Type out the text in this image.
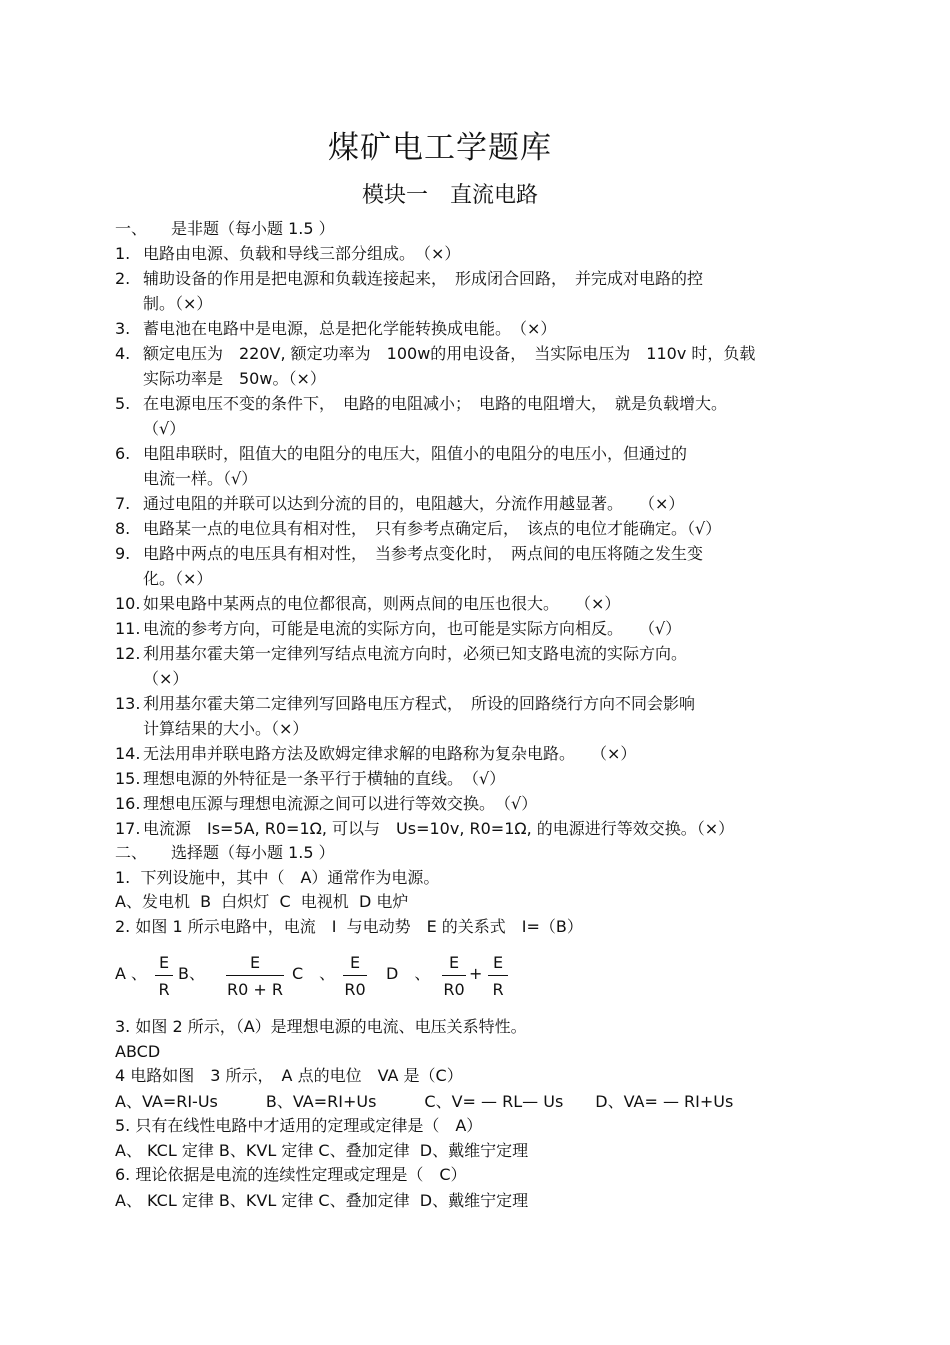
煤矿电工学题库
模块一　直流电路
一、　　是非题（每小题 1.5 ）
1. 电路由电源、负载和导线三部分组成。　（×）
2. 辅助设备的作用是把电源和负载连接起来，　形成闭合回路，　并完成对电路的控
制。（×）
3. 蓄电池在电路中是电源，总是把化学能转换成电能。　（×）
4. 额定电压为　220V, 额定功率为　100w的用电设备，　当实际电压为　110v 时，负载
实际功率是　50w。（×）
5. 在电源电压不变的条件下，　电路的电阻减小；　电路的电阻增大，　就是负载增大。
（√）
6. 电阻串联时，阻值大的电阻分的电压大，阻值小的电阻分的电压小，但通过的
电流一样。（√）
7. 通过电阻的并联可以达到分流的目的，电阻越大，分流作用越显著。　　（×）
8. 电路某一点的电位具有相对性，　只有参考点确定后，　该点的电位才能确定。（√）
9. 电路中两点的电压具有相对性，　当参考点变化时，　两点间的电压将随之发生变
化。（×）
10. 如果电路中某两点的电位都很高，则两点间的电压也很大。　　（×）
11. 电流的参考方向，可能是电流的实际方向，也可能是实际方向相反。　　（√）
12. 利用基尔霍夫第一定律列写结点电流方向时，必须已知支路电流的实际方向。
（×）
13. 利用基尔霍夫第二定律列写回路电压方程式，　所设的回路绕行方向不同会影响
计算结果的大小。（×）
14. 无法用串并联电路方法及欧姆定律求解的电路称为复杂电路。　　（×）
15. 理想电源的外特征是一条平行于横轴的直线。　（√）
16. 理想电压源与理想电流源之间可以进行等效交换。　（√）
17. 电流源　Is=5A, R0=1Ω, 可以与　Us=10v, R0=1Ω, 的电源进行等效交换。（×）
二、　　选择题（每小题 1.5 ）
1.  下列设施中，其中（　A）通常作为电源。
A、发电机  B  白炽灯  C  电视机  D 电炉
2. 如图 1 所示电路中，电流　I  与电动势　E 的关系式　I=（B）
A 、
E
R
B、
E
R0 + R
C　、
E
R0
D　、
E
R0
+
E
R
3. 如图 2 所示，（A）是理想电源的电流、电压关系特性。
ABCD
4 电路如图　3 所示，　A 点的电位　VA 是（C）
A、VA=RI-Us　　　B、VA=RI+Us　　　C、V= — RL— Us　　D、VA= — RI+Us
5. 只有在线性电路中才适用的定理或定律是（　A）
A、 KCL 定律 B、KVL 定律 C、叠加定律  D、戴维宁定理
6. 理论依据是电流的连续性定理或定理是（　C）
A、 KCL 定律 B、KVL 定律 C、叠加定律  D、戴维宁定理
